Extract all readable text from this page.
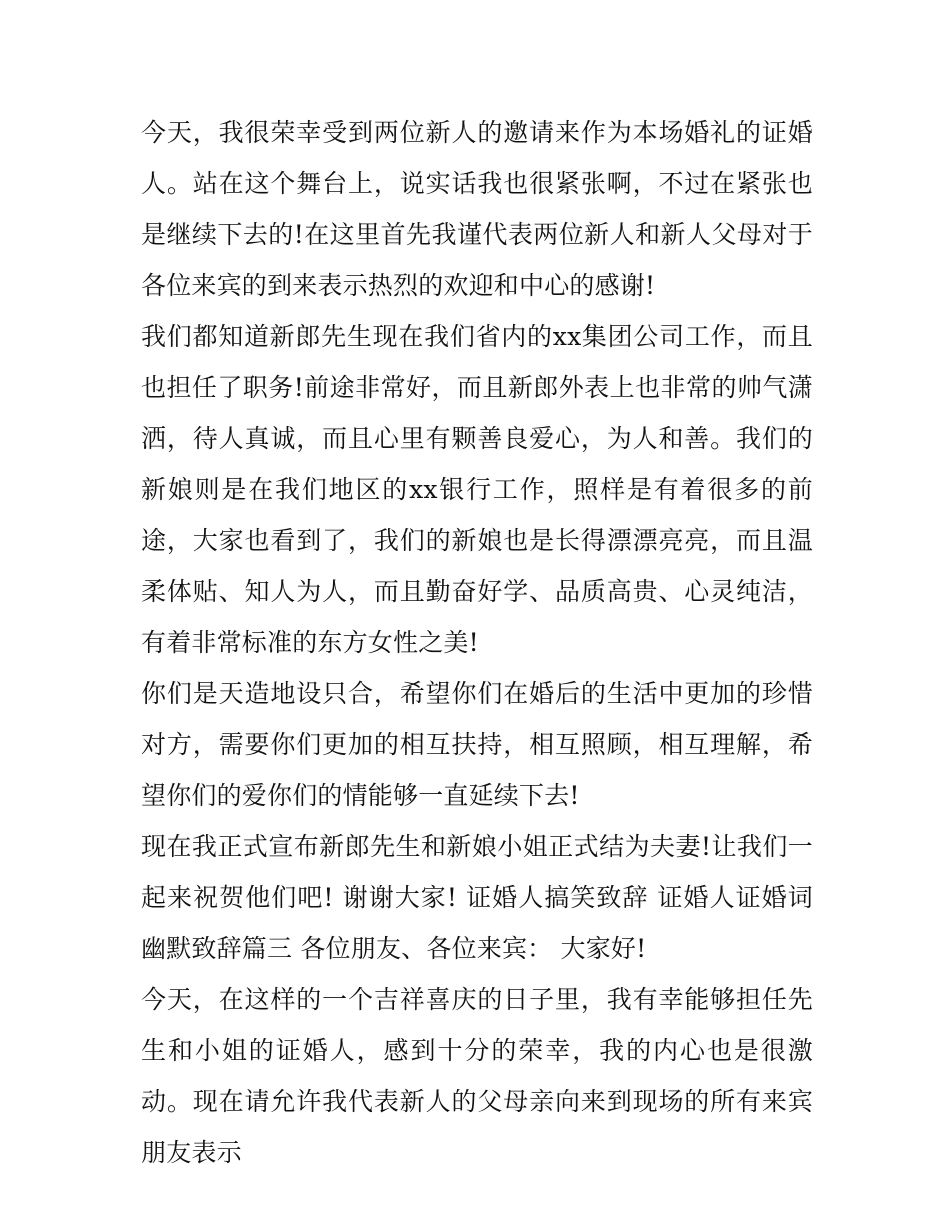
今天，我很荣幸受到两位新人的邀请来作为本场婚礼的证婚人。站在这个舞台上，说实话我也很紧张啊，不过在紧张也是继续下去的!在这里首先我谨代表两位新人和新人父母对于各位来宾的到来表示热烈的欢迎和中心的感谢!

我们都知道新郎先生现在我们省内的xx集团公司工作，而且也担任了职务!前途非常好，而且新郎外表上也非常的帅气潇洒，待人真诚，而且心里有颗善良爱心，为人和善。我们的新娘则是在我们地区的xx银行工作，照样是有着很多的前途，大家也看到了，我们的新娘也是长得漂漂亮亮，而且温柔体贴、知人为人，而且勤奋好学、品质高贵、心灵纯洁，有着非常标准的东方女性之美!

你们是天造地设只合，希望你们在婚后的生活中更加的珍惜对方，需要你们更加的相互扶持，相互照顾，相互理解，希望你们的爱你们的情能够一直延续下去!

现在我正式宣布新郎先生和新娘小姐正式结为夫妻!让我们一起来祝贺他们吧! 谢谢大家! 证婚人搞笑致辞 证婚人证婚词幽默致辞篇三 各位朋友、各位来宾： 大家好!

今天，在这样的一个吉祥喜庆的日子里，我有幸能够担任先生和小姐的证婚人，感到十分的荣幸，我的内心也是很激动。现在请允许我代表新人的父母亲向来到现场的所有来宾朋友表示
